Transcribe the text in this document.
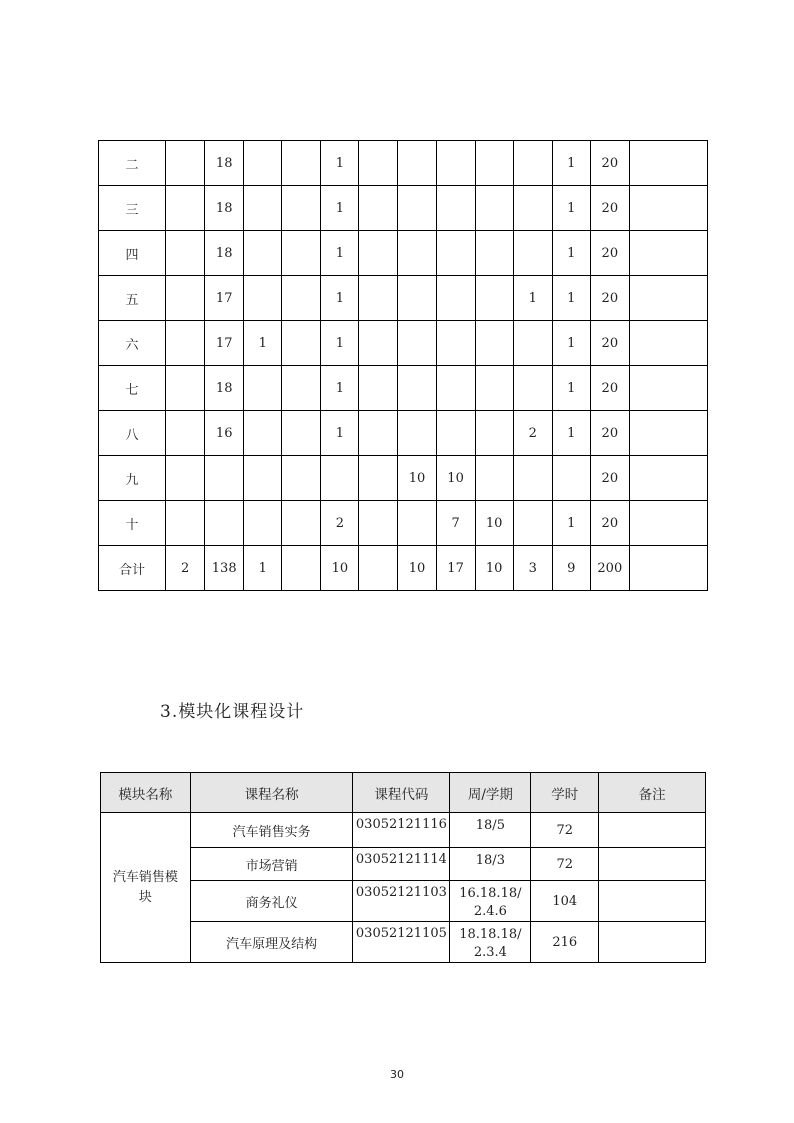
二		18			1						1	20	
三		18			1						1	20	
四		18			1						1	20	
五		17			1					1	1	20	
六		17	1		1						1	20	
七		18			1						1	20	
八		16			1					2	1	20	
九							10	10				20	
十					2			7	10		1	20	
合计	2	138	1		10		10	17	10	3	9	200	
3.模块化课程设计
模块名称	课程名称	课程代码	周/学期	学时	备注
汽车销售模
块	汽车销售实务	03052121116	18/5	72	
	市场营销	03052121114	18/3	72	
	商务礼仪	03052121103	16.18.18/
2.4.6	104	
	汽车原理及结构	03052121105	18.18.18/
2.3.4	216	
30
